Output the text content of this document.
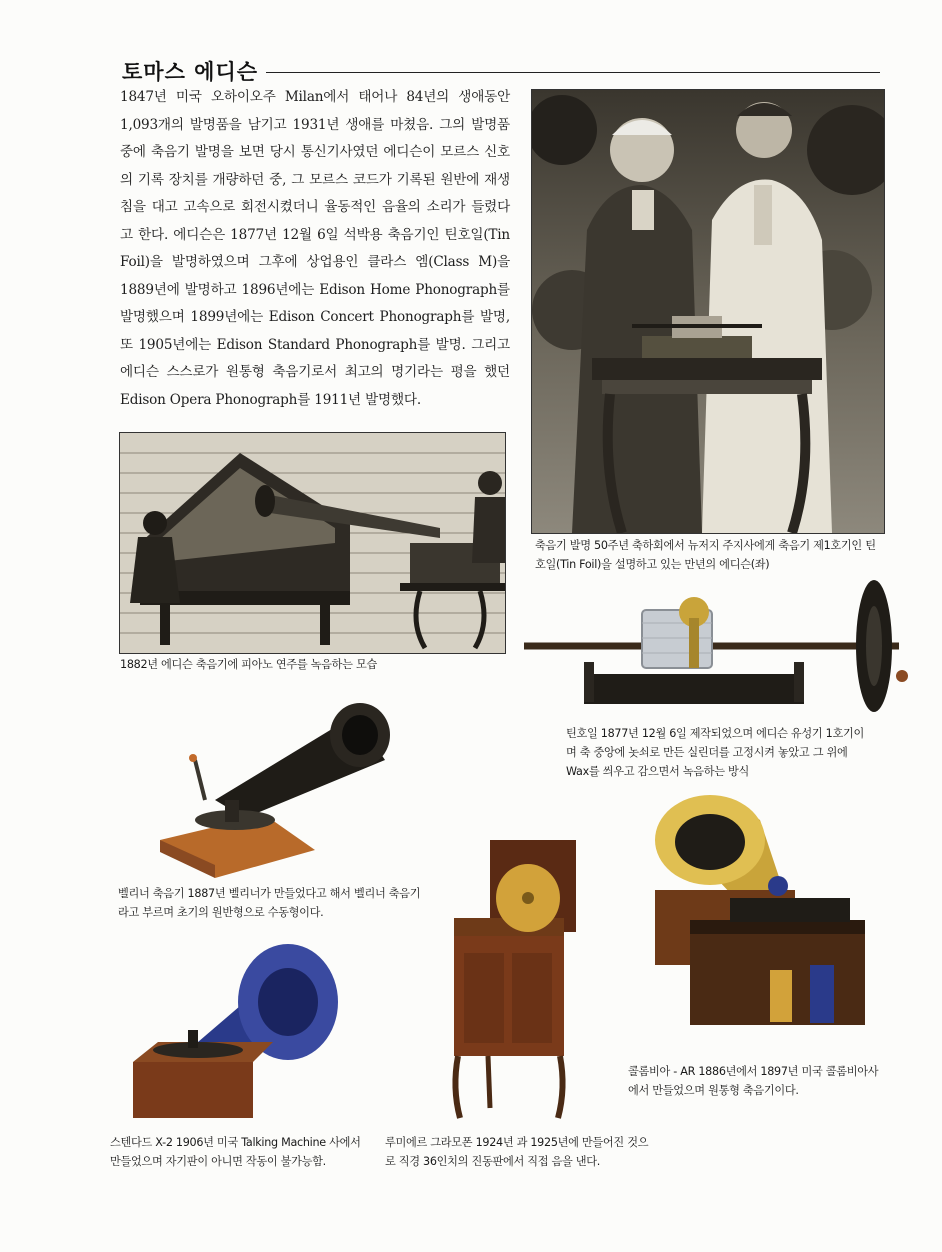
토마스 에디슨
1847년 미국 오하이오주 Milan에서 태어나 84년의 생애동안 1,093개의 발명품을 남기고 1931년 생애를 마쳤음. 그의 발명품 중에 축음기 발명을 보면 당시 통신기사였던 에디슨이 모르스 신호의 기록 장치를 개량하던 중, 그 모르스 코드가 기록된 원반에 재생침을 대고 고속으로 회전시켰더니 율동적인 음율의 소리가 들렸다고 한다. 에디슨은 1877년 12월 6일 석박용 축음기인 틴호일(Tin Foil)을 발명하였으며 그후에 상업용인 클라스 엠(Class M)을 1889년에 발명하고 1896년에는 Edison Home Phonograph를 발명했으며 1899년에는 Edison Concert Phonograph를 발명, 또 1905년에는 Edison Standard Phonograph를 발명. 그리고 에디슨 스스로가 원통형 축음기로서 최고의 명기라는 평을 했던 Edison Opera Phonograph를 1911년 발명했다.
축음기 발명 50주년 축하회에서 뉴저지 주지사에게 축음기 제1호기인 틴호일(Tin Foil)을 설명하고 있는 만년의 에디슨(좌)
1882년 에디슨 축음기에 피아노 연주를 녹음하는 모습
틴호일 1877년 12월 6일 제작되었으며 에디슨 유성기 1호기이며 축 중앙에 놋쇠로 만든 실린더를 고정시켜 놓았고 그 위에 Wax를 씌우고 감으면서 녹음하는 방식
벨리너 축음기 1887년 벨리너가 만들었다고 해서 벨리너 축음기라고 부르며 초기의 원반형으로 수동형이다.
콜롬비아 - AR 1886년에서 1897년 미국 콜롬비아사 에서 만들었으며 원통형 축음기이다.
루미에르 그라모폰 1924년 과 1925년에 만들어진 것으로 직경 36인치의 진동판에서 직접 음을 낸다.
스텐다드 X-2 1906년 미국 Talking Machine 사에서 만들었으며 자기판이 아니면 작동이 불가능함.
